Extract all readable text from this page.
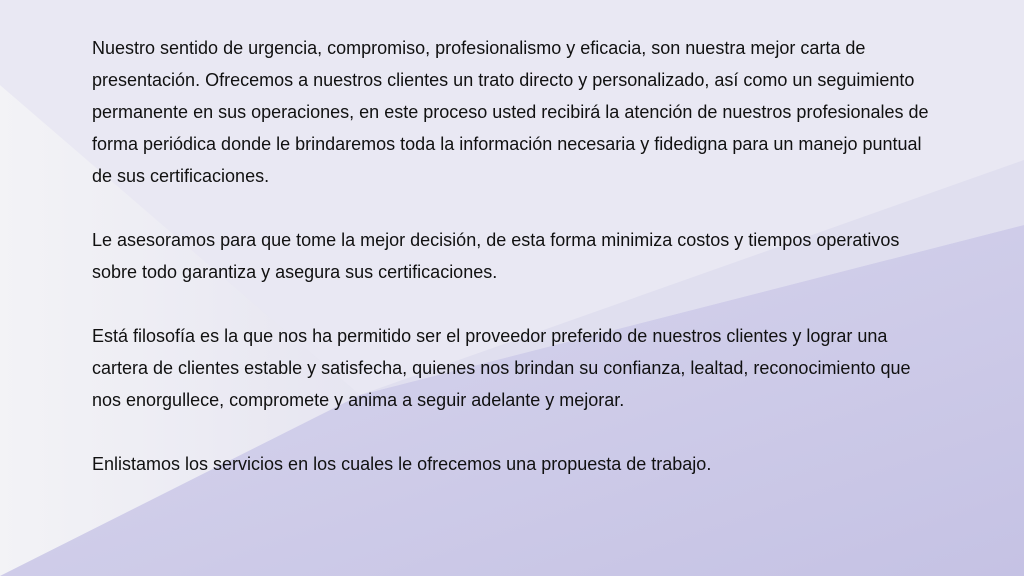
Nuestro sentido de urgencia, compromiso, profesionalismo y eficacia, son nuestra mejor carta de presentación. Ofrecemos a nuestros clientes un trato directo y personalizado, así como un seguimiento permanente en sus operaciones, en este proceso usted recibirá la atención de nuestros profesionales de forma periódica donde le brindaremos toda la información necesaria y fidedigna para un manejo puntual de sus certificaciones.

Le asesoramos para que tome la mejor decisión, de esta forma minimiza costos y tiempos operativos sobre todo garantiza y asegura sus certificaciones.

Está filosofía es la que nos ha permitido ser el proveedor preferido de nuestros clientes y lograr una cartera de clientes estable y satisfecha, quienes nos brindan su confianza, lealtad, reconocimiento que nos enorgullece, compromete y anima a seguir adelante y mejorar.

Enlistamos los servicios en los cuales le ofrecemos una propuesta de trabajo.
